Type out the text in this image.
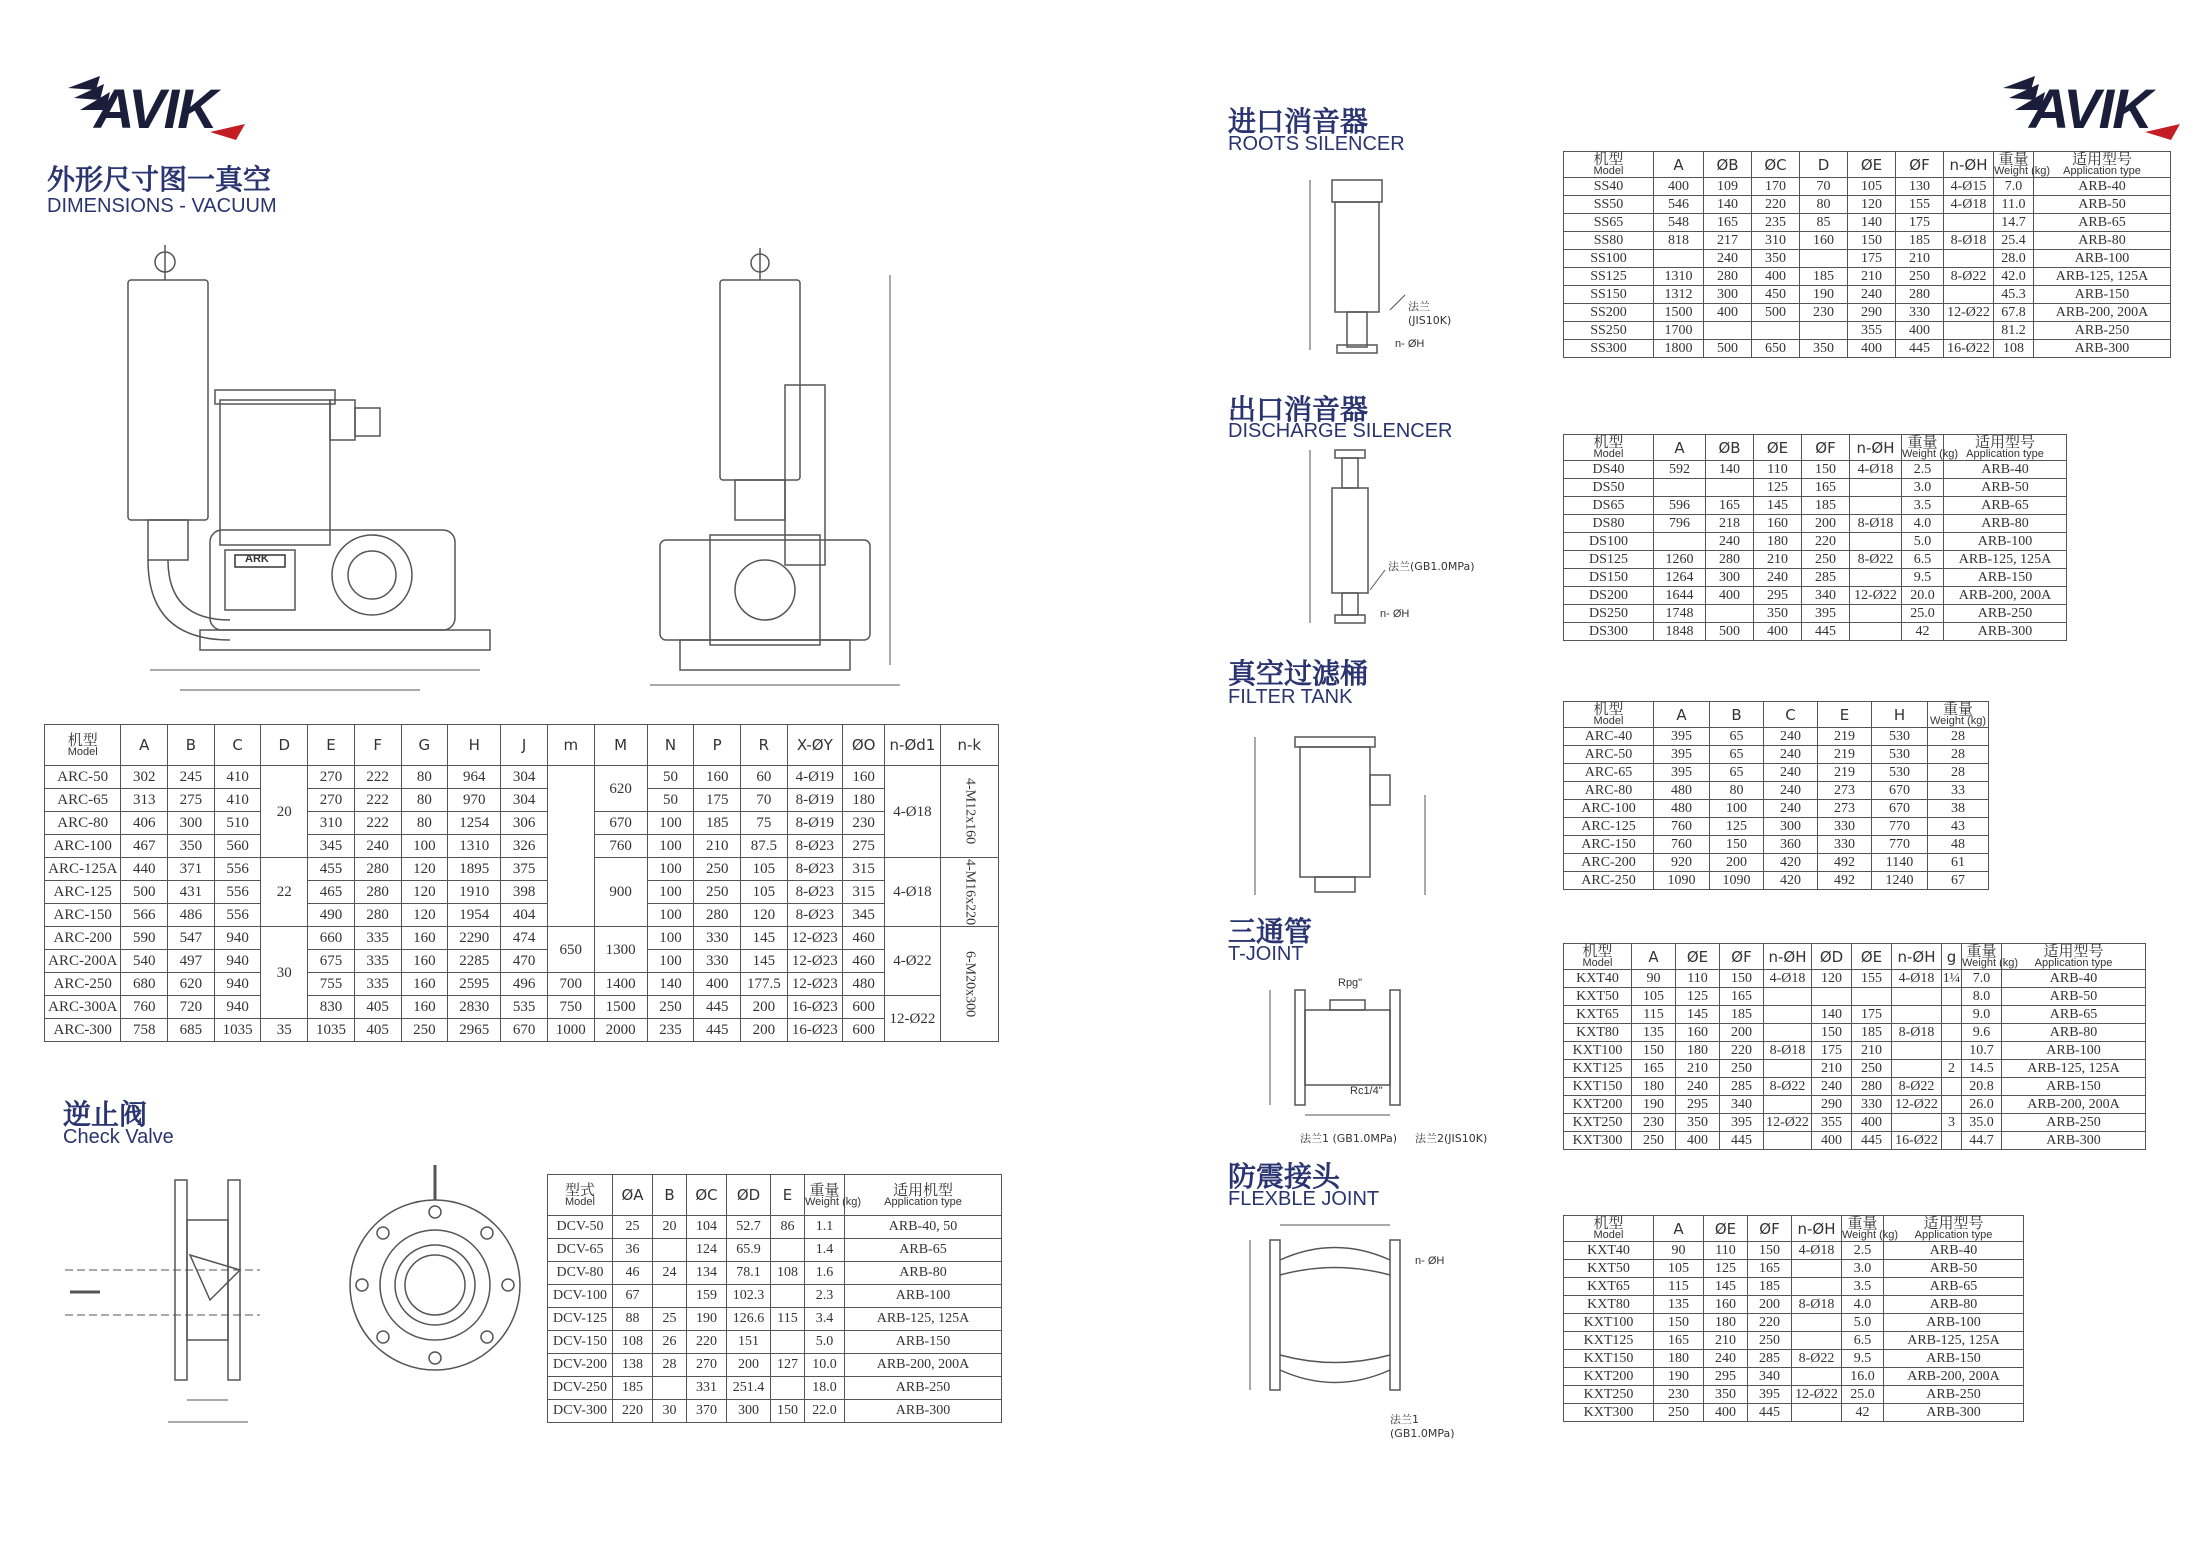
AVIK	AVIK
外形尺寸图一真空
DIMENSIONS - VACUUM
逆止阀
Check Valve
进口消音器
ROOTS SILENCER
出口消音器
DISCHARGE SILENCER
真空过滤桶
FILTER TANK
三通管
T-JOINT
防震接头
FLEXBLE JOINT
ARK
机型
Model	A	B	C	D	E	F	G	H	J	m	M	N	P	R	X-ØY	ØO	n-Ød1	n-k
ARC-50	302	245	410	20	270	222	80	964	304		620	50	160	60	4-Ø19	160	4-Ø18	4-M12x160
ARC-65	313	275	410		270	222	80	970	304			50	175	70	8-Ø19	180		
ARC-80	406	300	510		310	222	80	1254	306		670	100	185	75	8-Ø19	230		
ARC-100	467	350	560		345	240	100	1310	326		760	100	210	87.5	8-Ø23	275		
ARC-125A	440	371	556	22	455	280	120	1895	375		900	100	250	105	8-Ø23	315	4-Ø18	4-M16x220
ARC-125	500	431	556		465	280	120	1910	398			100	250	105	8-Ø23	315		
ARC-150	566	486	556		490	280	120	1954	404			100	280	120	8-Ø23	345		
ARC-200	590	547	940	30	660	335	160	2290	474	650	1300	100	330	145	12-Ø23	460	4-Ø22	6-M20x300
ARC-200A	540	497	940		675	335	160	2285	470			100	330	145	12-Ø23	460		
ARC-250	680	620	940		755	335	160	2595	496	700	1400	140	400	177.5	12-Ø23	480		
ARC-300A	760	720	940		830	405	160	2830	535	750	1500	250	445	200	16-Ø23	600	12-Ø22	
ARC-300	758	685	1035	35	1035	405	250	2965	670	1000	2000	235	445	200	16-Ø23	600		
型式
Model	ØA	B	ØC	ØD	E	重量
Weight (kg)	适用机型
Application type

DCV-50	25	20	104	52.7	86	1.1	ARB-40, 50
DCV-65	36		124	65.9		1.4	ARB-65
DCV-80	46	24	134	78.1	108	1.6	ARB-80
DCV-100	67		159	102.3		2.3	ARB-100
DCV-125	88	25	190	126.6	115	3.4	ARB-125, 125A
DCV-150	108	26	220	151		5.0	ARB-150
DCV-200	138	28	270	200	127	10.0	ARB-200, 200A
DCV-250	185		331	251.4		18.0	ARB-250
DCV-300	220	30	370	300	150	22.0	ARB-300
法兰(JIS10K)
n- ØH
机型
Model	A	ØB	ØC	D	ØE	ØF	n-ØH	重量
Weight (kg)	适用型号
Application type

SS40	400	109	170	70	105	130	4-Ø15	7.0	ARB-40
SS50	546	140	220	80	120	155	4-Ø18	11.0	ARB-50
SS65	548	165	235	85	140	175		14.7	ARB-65
SS80	818	217	310	160	150	185	8-Ø18	25.4	ARB-80
SS100		240	350		175	210		28.0	ARB-100
SS125	1310	280	400	185	210	250	8-Ø22	42.0	ARB-125, 125A
SS150	1312	300	450	190	240	280		45.3	ARB-150
SS200	1500	400	500	230	290	330	12-Ø22	67.8	ARB-200, 200A
SS250	1700				355	400		81.2	ARB-250
SS300	1800	500	650	350	400	445	16-Ø22	108	ARB-300
法兰(GB1.0MPa)
n- ØH
机型
Model	A	ØB	ØE	ØF	n-ØH	重量
Weight (kg)	适用型号
Application type

DS40	592	140	110	150	4-Ø18	2.5	ARB-40
DS50			125	165		3.0	ARB-50
DS65	596	165	145	185		3.5	ARB-65
DS80	796	218	160	200	8-Ø18	4.0	ARB-80
DS100		240	180	220		5.0	ARB-100
DS125	1260	280	210	250	8-Ø22	6.5	ARB-125, 125A
DS150	1264	300	240	285		9.5	ARB-150
DS200	1644	400	295	340	12-Ø22	20.0	ARB-200, 200A
DS250	1748		350	395		25.0	ARB-250
DS300	1848	500	400	445		42	ARB-300
机型
Model	A	B	C	E	H	重量
Weight (kg)

ARC-40	395	65	240	219	530	28
ARC-50	395	65	240	219	530	28
ARC-65	395	65	240	219	530	28
ARC-80	480	80	240	273	670	33
ARC-100	480	100	240	273	670	38
ARC-125	760	125	300	330	770	43
ARC-150	760	150	360	330	770	48
ARC-200	920	200	420	492	1140	61
ARC-250	1090	1090	420	492	1240	67
法兰1 (GB1.0MPa) 法兰2(JIS10K)
Rc1/4"
Rpg"
机型
Model	A	ØE	ØF	n-ØH	ØD	ØE	n-ØH	g	重量
Weight (kg)	适用型号
Application type

KXT40	90	110	150	4-Ø18	120	155	4-Ø18	1¼	7.0	ARB-40
KXT50	105	125	165						8.0	ARB-50
KXT65	115	145	185		140	175			9.0	ARB-65
KXT80	135	160	200		150	185	8-Ø18		9.6	ARB-80
KXT100	150	180	220	8-Ø18	175	210			10.7	ARB-100
KXT125	165	210	250		210	250		2	14.5	ARB-125, 125A
KXT150	180	240	285	8-Ø22	240	280	8-Ø22		20.8	ARB-150
KXT200	190	295	340		290	330	12-Ø22		26.0	ARB-200, 200A
KXT250	230	350	395	12-Ø22	355	400		3	35.0	ARB-250
KXT300	250	400	445		400	445	16-Ø22		44.7	ARB-300
法兰1 (GB1.0MPa)
n- ØH
机型
Model	A	ØE	ØF	n-ØH	重量
Weight (kg)	适用型号
Application type

KXT40	90	110	150	4-Ø18	2.5	ARB-40
KXT50	105	125	165		3.0	ARB-50
KXT65	115	145	185		3.5	ARB-65
KXT80	135	160	200	8-Ø18	4.0	ARB-80
KXT100	150	180	220		5.0	ARB-100
KXT125	165	210	250		6.5	ARB-125, 125A
KXT150	180	240	285	8-Ø22	9.5	ARB-150
KXT200	190	295	340		16.0	ARB-200, 200A
KXT250	230	350	395	12-Ø22	25.0	ARB-250
KXT300	250	400	445		42	ARB-300
